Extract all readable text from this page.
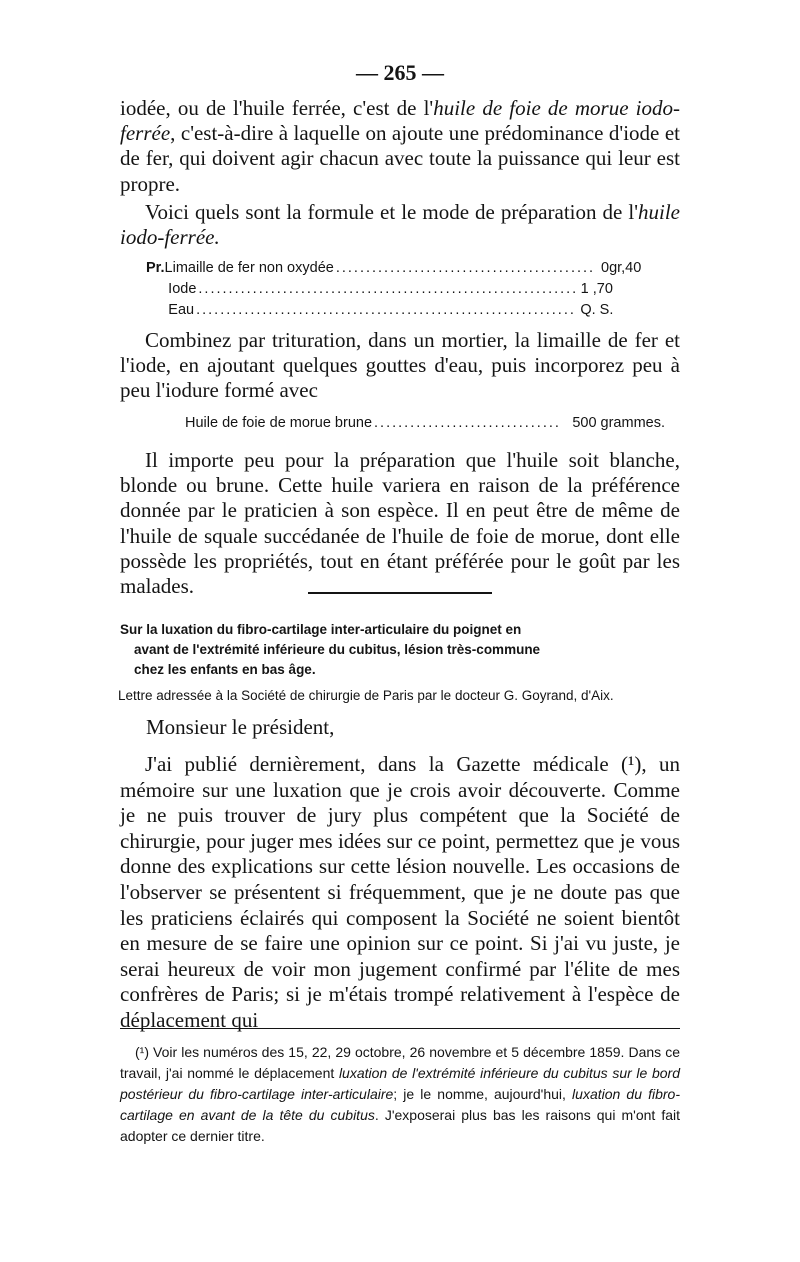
— 265 —

iodée, ou de l'huile ferrée, c'est de l'huile de foie de morue iodo-ferrée, c'est-à-dire à laquelle on ajoute une prédominance d'iode et de fer, qui doivent agir chacun avec toute la puissance qui leur est propre.

Voici quels sont la formule et le mode de préparation de l'huile iodo-ferrée.

Pr. Limaille de fer non oxydée .....	0gr,40
Iode .....	1 ,70
Eau .....	Q. S.

Combinez par trituration, dans un mortier, la limaille de fer et l'iode, en ajoutant quelques gouttes d'eau, puis incorporez peu à peu l'iodure formé avec

Huile de foie de morue brune .....	500 grammes.

Il importe peu pour la préparation que l'huile soit blanche, blonde ou brune. Cette huile variera en raison de la préférence donnée par le praticien à son espèce. Il en peut être de même de l'huile de squale succédanée de l'huile de foie de morue, dont elle possède les propriétés, tout en étant préférée pour le goût par les malades.

Sur la luxation du fibro-cartilage inter-articulaire du poignet en
avant de l'extrémité inférieure du cubitus, lésion très-commune
chez les enfants en bas âge.
Lettre adressée à la Société de chirurgie de Paris par le docteur G. Goyrand, d'Aix.
Monsieur le président,

J'ai publié dernièrement, dans la Gazette médicale (¹), un mémoire sur une luxation que je crois avoir découverte. Comme je ne puis trouver de jury plus compétent que la Société de chirurgie, pour juger mes idées sur ce point, permettez que je vous donne des explications sur cette lésion nouvelle. Les occasions de l'observer se présentent si fréquemment, que je ne doute pas que les praticiens éclairés qui composent la Société ne soient bientôt en mesure de se faire une opinion sur ce point. Si j'ai vu juste, je serai heureux de voir mon jugement confirmé par l'élite de mes confrères de Paris; si je m'étais trompé relativement à l'espèce de déplacement qui

(¹) Voir les numéros des 15, 22, 29 octobre, 26 novembre et 5 décembre 1859. Dans ce travail, j'ai nommé le déplacement luxation de l'extrémité inférieure du cubitus sur le bord postérieur du fibro-cartilage inter-articulaire; je le nomme, aujourd'hui, luxation du fibro-cartilage en avant de la tête du cubitus. J'exposerai plus bas les raisons qui m'ont fait adopter ce dernier titre.
